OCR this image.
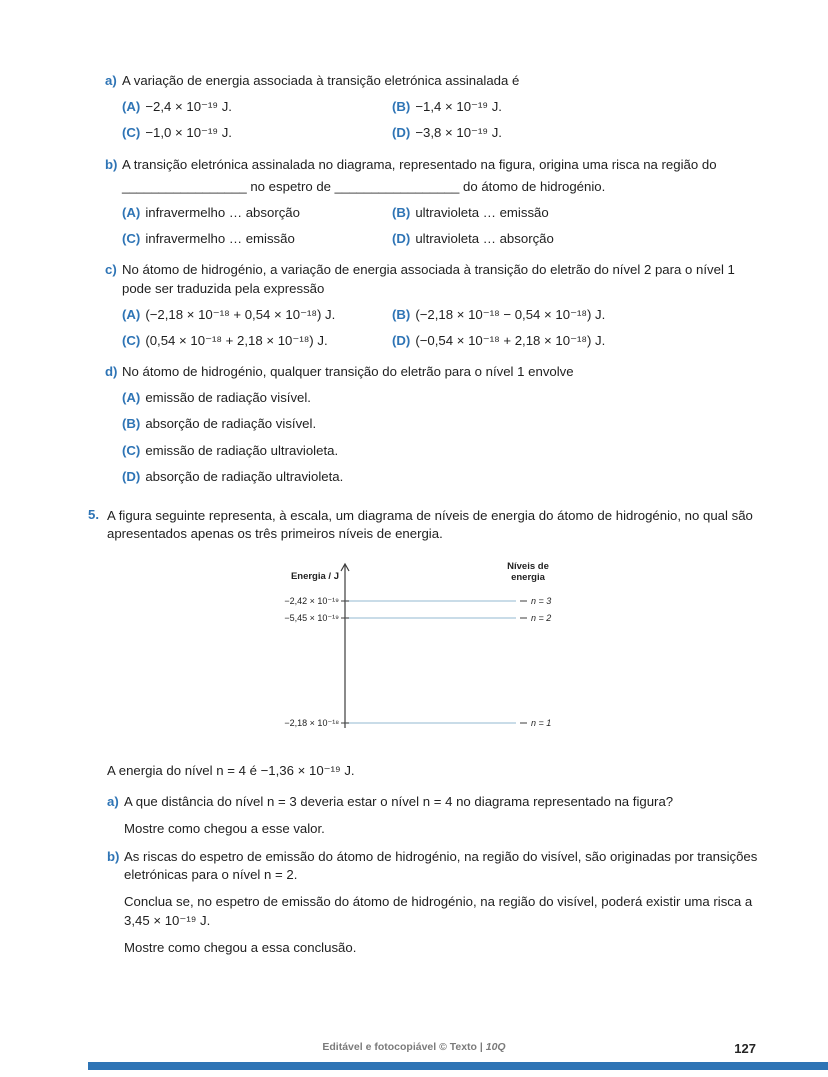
a) A variação de energia associada à transição eletrónica assinalada é

(A) −2,4 × 10⁻¹⁹ J.	(B) −1,4 × 10⁻¹⁹ J.
(C) −1,0 × 10⁻¹⁹ J.	(D) −3,8 × 10⁻¹⁹ J.

b) A transição eletrónica assinalada no diagrama, representado na figura, origina uma risca na região do

_________________ no espetro de _________________ do átomo de hidrogénio.

(A) infravermelho … absorção	(B) ultravioleta … emissão
(C) infravermelho … emissão	(D) ultravioleta … absorção

c) No átomo de hidrogénio, a variação de energia associada à transição do eletrão do nível 2 para o nível 1 pode ser traduzida pela expressão

(A) (−2,18 × 10⁻¹⁸ + 0,54 × 10⁻¹⁸) J.	(B) (−2,18 × 10⁻¹⁸ − 0,54 × 10⁻¹⁸) J.
(C) (0,54 × 10⁻¹⁸ + 2,18 × 10⁻¹⁸) J.	(D) (−0,54 × 10⁻¹⁸ + 2,18 × 10⁻¹⁸) J.

d) No átomo de hidrogénio, qualquer transição do eletrão para o nível 1 envolve

(A) emissão de radiação visível.
(B) absorção de radiação visível.
(C) emissão de radiação ultravioleta.
(D) absorção de radiação ultravioleta.
5. A figura seguinte representa, à escala, um diagrama de níveis de energia do átomo de hidrogénio, no qual são apresentados apenas os três primeiros níveis de energia.

Energia / J
Níveis de
energia
−2,42 × 10⁻¹⁹	n = 3
−5,45 × 10⁻¹⁹	n = 2
−2,18 × 10⁻¹⁸	n = 1

A energia do nível n = 4 é −1,36 × 10⁻¹⁹ J.

a) A que distância do nível n = 3 deveria estar o nível n = 4 no diagrama representado na figura?

Mostre como chegou a esse valor.

b) As riscas do espetro de emissão do átomo de hidrogénio, na região do visível, são originadas por transições eletrónicas para o nível n = 2.

Conclua se, no espetro de emissão do átomo de hidrogénio, na região do visível, poderá existir uma risca a 3,45 × 10⁻¹⁹ J.

Mostre como chegou a essa conclusão.

Editável e fotocopiável © Texto | 10Q	127
